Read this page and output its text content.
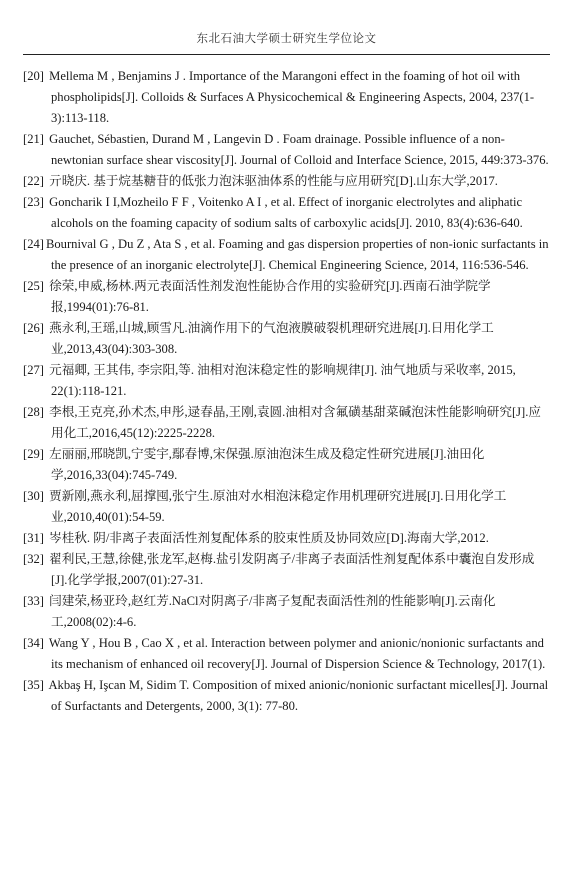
东北石油大学硕士研究生学位论文
[20] Mellema M , Benjamins J . Importance of the Marangoni effect in the foaming of hot oil with phospholipids[J]. Colloids & Surfaces A Physicochemical & Engineering Aspects, 2004, 237(1-3):113-118.
[21] Gauchet, Sébastien, Durand M , Langevin D . Foam drainage. Possible influence of a non-newtonian surface shear viscosity[J]. Journal of Colloid and Interface Science, 2015, 449:373-376.
[22] 亓晓庆. 基于烷基糖苷的低张力泡沫驱油体系的性能与应用研究[D].山东大学,2017.
[23] Goncharik I I,Mozheilo F F , Voitenko A I , et al. Effect of inorganic electrolytes and aliphatic alcohols on the foaming capacity of sodium salts of carboxylic acids[J]. 2010, 83(4):636-640.
[24] Bournival G , Du Z , Ata S , et al. Foaming and gas dispersion properties of non-ionic surfactants in the presence of an inorganic electrolyte[J]. Chemical Engineering Science, 2014, 116:536-546.
[25] 徐荣,申威,杨林.两元表面活性剂发泡性能协合作用的实验研究[J].西南石油学院学报,1994(01):76-81.
[26] 燕永利,王瑶,山城,顾雪凡.油滴作用下的气泡液膜破裂机理研究进展[J].日用化学工业,2013,43(04):303-308.
[27] 元福卿, 王其伟, 李宗阳,等. 油相对泡沫稳定性的影响规律[J]. 油气地质与采收率, 2015, 22(1):118-121.
[28] 李根,王克亮,孙术杰,申彤,逯春晶,王刚,袁圆.油相对含氟磺基甜菜碱泡沫性能影响研究[J].应用化工,2016,45(12):2225-2228.
[29] 左丽丽,邢晓凯,宁雯宇,鄢春博,宋保强.原油泡沫生成及稳定性研究进展[J].油田化学,2016,33(04):745-749.
[30] 贾新刚,燕永利,屈撑囤,张宁生.原油对水相泡沫稳定作用机理研究进展[J].日用化学工业,2010,40(01):54-59.
[31] 岑桂秋. 阴/非离子表面活性剂复配体系的胶束性质及协同效应[D].海南大学,2012.
[32] 翟利民,王慧,徐健,张龙军,赵梅.盐引发阴离子/非离子表面活性剂复配体系中囊泡自发形成[J].化学学报,2007(01):27-31.
[33] 闫建荣,杨亚玲,赵红芳.NaCl对阴离子/非离子复配表面活性剂的性能影响[J].云南化工,2008(02):4-6.
[34] Wang Y , Hou B , Cao X , et al. Interaction between polymer and anionic/nonionic surfactants and its mechanism of enhanced oil recovery[J]. Journal of Dispersion Science & Technology, 2017(1).
[35] Akbaş H, Işcan M, Sidim T. Composition of mixed anionic/nonionic surfactant micelles[J]. Journal of Surfactants and Detergents, 2000, 3(1): 77-80.
